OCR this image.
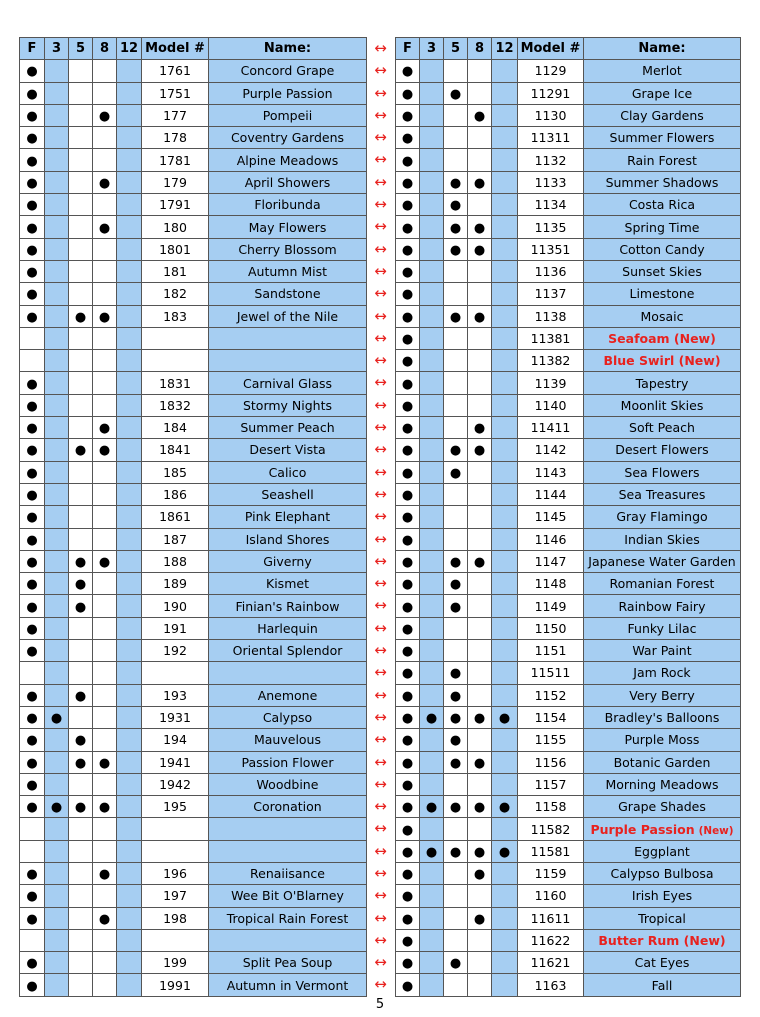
F	3	5	8	12	Model #	Name:
●					1761	Concord Grape
●					1751	Purple Passion
●			●		177	Pompeii
●					178	Coventry Gardens
●					1781	Alpine Meadows
●			●		179	April Showers
●					1791	Floribunda
●			●		180	May Flowers
●					1801	Cherry Blossom
●					181	Autumn Mist
●					182	Sandstone
●		●	●		183	Jewel of the Nile

●					1831	Carnival Glass
●					1832	Stormy Nights
●			●		184	Summer Peach
●		●	●		1841	Desert Vista
●					185	Calico
●					186	Seashell
●					1861	Pink Elephant
●					187	Island Shores
●		●	●		188	Giverny
●		●			189	Kismet
●		●			190	Finian's Rainbow
●					191	Harlequin
●					192	Oriental Splendor

●		●			193	Anemone
●	●				1931	Calypso
●		●			194	Mauvelous
●		●	●		1941	Passion Flower
●					1942	Woodbine
●	●	●	●		195	Coronation

●			●		196	Renaiisance
●					197	Wee Bit O'Blarney
●			●		198	Tropical Rain Forest

●					199	Split Pea Soup
●					1991	Autumn in Vermont
↔
↔
↔
↔
↔
↔
↔
↔
↔
↔
↔
↔
↔
↔
↔
↔
↔
↔
↔
↔
↔
↔
↔
↔
↔
↔
↔
↔
↔
↔
↔
↔
↔
↔
↔
↔
↔
↔
↔
↔
↔
↔
↔
F	3	5	8	12	Model #	Name:
●					1129	Merlot
●		●			11291	Grape Ice
●			●		1130	Clay Gardens
●					11311	Summer Flowers
●					1132	Rain Forest
●		●	●		1133	Summer Shadows
●		●			1134	Costa Rica
●		●	●		1135	Spring Time
●		●	●		11351	Cotton Candy
●					1136	Sunset Skies
●					1137	Limestone
●		●	●		1138	Mosaic
●					11381	Seafoam (New)
●					11382	Blue Swirl (New)
●					1139	Tapestry
●					1140	Moonlit Skies
●			●		11411	Soft Peach
●		●	●		1142	Desert Flowers
●		●			1143	Sea Flowers
●					1144	Sea Treasures
●					1145	Gray Flamingo
●					1146	Indian Skies
●		●	●		1147	Japanese Water Garden
●		●			1148	Romanian Forest
●		●			1149	Rainbow Fairy
●					1150	Funky Lilac
●					1151	War Paint
●		●			11511	Jam Rock
●		●			1152	Very Berry
●	●	●	●	●	1154	Bradley's Balloons
●		●			1155	Purple Moss
●		●	●		1156	Botanic Garden
●					1157	Morning Meadows
●	●	●	●	●	1158	Grape Shades
●					11582	Purple Passion (New)
●	●	●	●	●	11581	Eggplant
●			●		1159	Calypso Bulbosa
●					1160	Irish Eyes
●			●		11611	Tropical
●					11622	Butter Rum (New)
●		●			11621	Cat Eyes
●					1163	Fall
5
